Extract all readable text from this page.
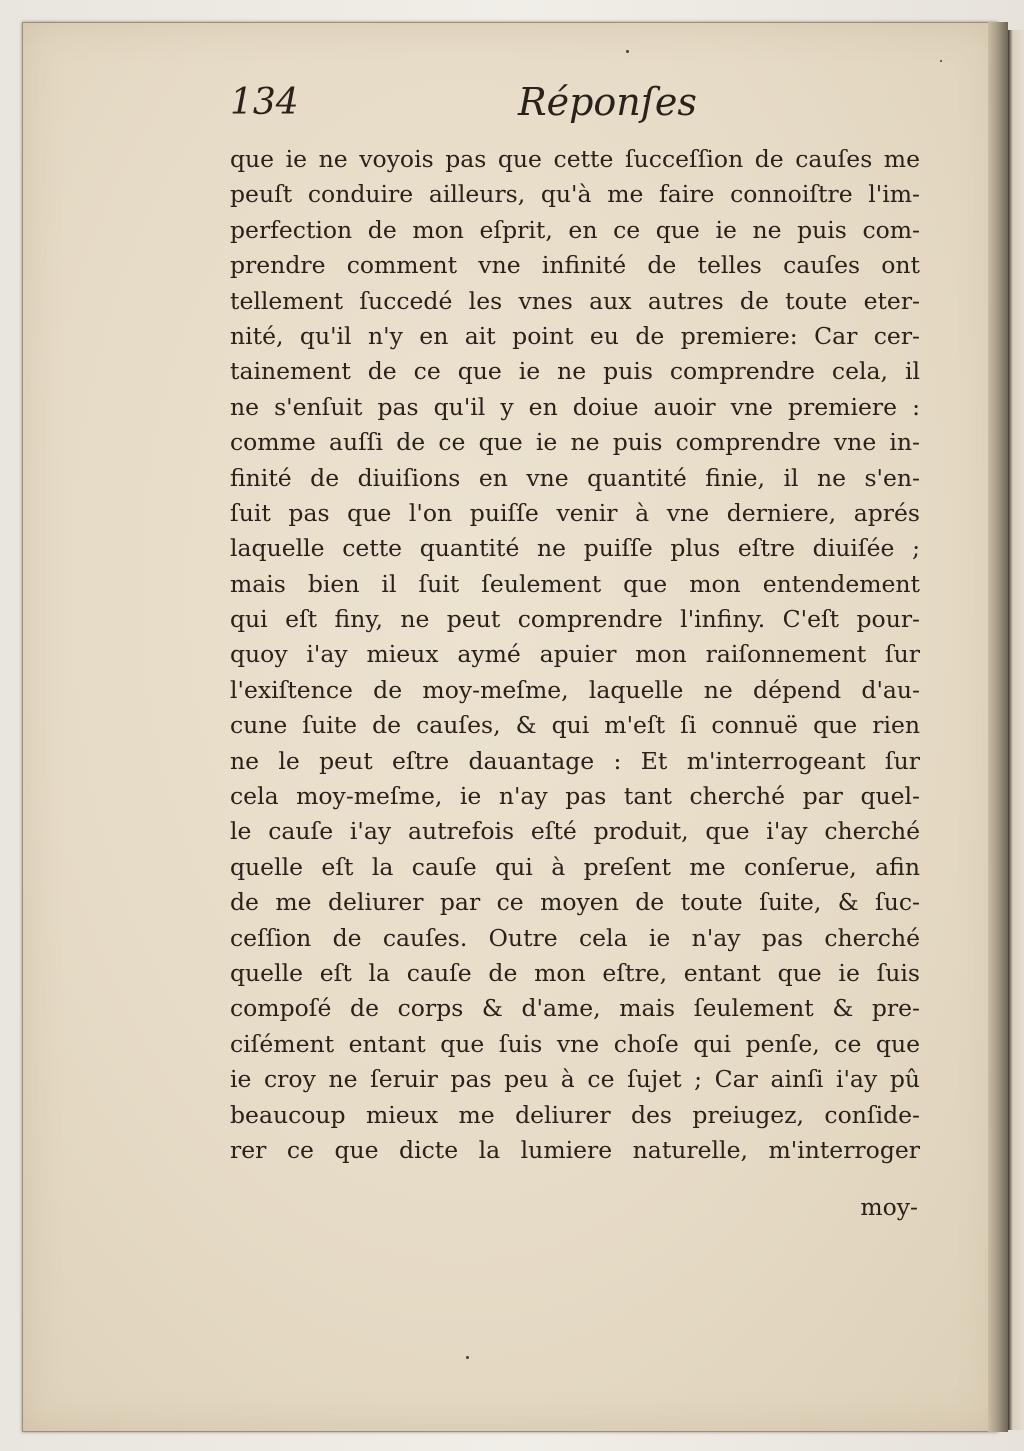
134	Réponſes
que ie ne voyois pas que cette ſucceſſion de cauſes me
peuſt conduire ailleurs, qu'à me faire connoiſtre l'im-
perfection de mon eſprit, en ce que ie ne puis com-
prendre comment vne infinité de telles cauſes ont
tellement ſuccedé les vnes aux autres de toute eter-
nité, qu'il n'y en ait point eu de premiere: Car cer-
tainement de ce que ie ne puis comprendre cela, il
ne s'enſuit pas qu'il y en doiue auoir vne premiere :
comme auſſi de ce que ie ne puis comprendre vne in-
finité de diuiſions en vne quantité finie, il ne s'en-
ſuit pas que l'on puiſſe venir à vne derniere, aprés
laquelle cette quantité ne puiſſe plus eſtre diuiſée ;
mais bien il ſuit ſeulement que mon entendement
qui eſt finy, ne peut comprendre l'infiny. C'eſt pour-
quoy i'ay mieux aymé apuier mon raiſonnement ſur
l'exiſtence de moy-meſme, laquelle ne dépend d'au-
cune ſuite de cauſes, & qui m'eſt ſi connuë que rien
ne le peut eſtre dauantage : Et m'interrogeant ſur
cela moy-meſme, ie n'ay pas tant cherché par quel-
le cauſe i'ay autrefois eſté produit, que i'ay cherché
quelle eſt la cauſe qui à preſent me conſerue, afin
de me deliurer par ce moyen de toute ſuite, & ſuc-
ceſſion de cauſes. Outre cela ie n'ay pas cherché
quelle eſt la cauſe de mon eſtre, entant que ie ſuis
compoſé de corps & d'ame, mais ſeulement & pre-
ciſément entant que ſuis vne choſe qui penſe, ce que
ie croy ne ſeruir pas peu à ce ſujet ; Car ainſi i'ay pû
beaucoup mieux me deliurer des preiugez, conſide-
rer ce que dicte la lumiere naturelle, m'interroger
moy-
